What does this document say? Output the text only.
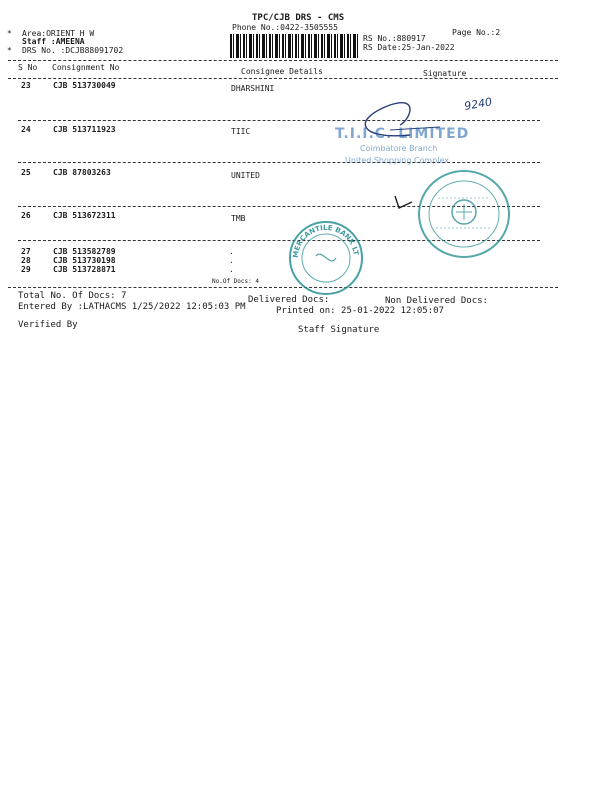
TPC/CJB DRS - CMS
Phone No.:0422-3505555
Page No.:2
* Area:ORIENT H W
Staff :AMEENA
* DRS No. :DCJB88091702
RS No.:880917
RS Date:25-Jan-2022
S No Consignment No	Consignee Details	Signature
23	CJB 513730049	DHARSHINI
24	CJB 513711923	TIIC
25	CJB 87803263	UNITED
26	CJB 513672311	TMB
27	CJB 513582789	.
28	CJB 513730198	.
29	CJB 513728871	.
No.Of Docs: 4
Total No. Of Docs: 7	Delivered Docs:	Non Delivered Docs:
Entered By :LATHACMS 1/25/2022 12:05:03 PM	Printed on: 25-01-2022 12:05:07
Verified By	Staff Signature
9240
T.I.I.C. LIMITED
Coimbatore Branch
United Shopping Complex
MERCANTILE BANK LTD
